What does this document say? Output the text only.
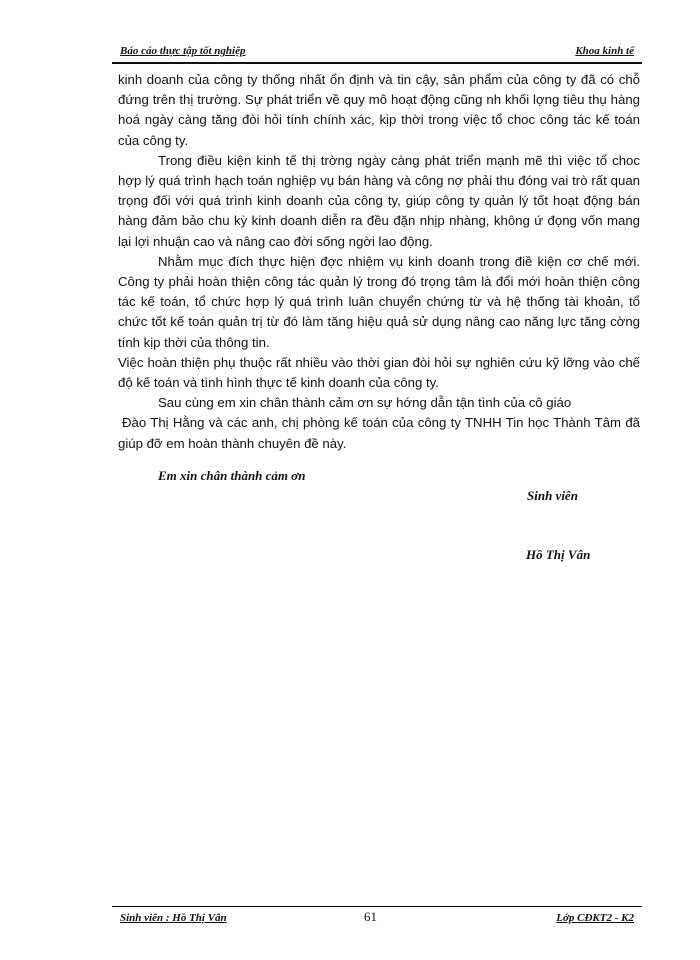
Báo cáo thực tập tốt nghiệp	Khoa kinh tế

kinh doanh của công ty thống nhất ổn định và tin cậy, sản phẩm của công ty đã có chỗ đứng trên thị trường. Sự phát triển về quy mô hoạt động cũng nh khối lợng tiêu thụ hàng hoá ngày càng tăng đòi hỏi tính chính xác, kịp thời trong việc tổ choc công tác kế toán của công ty.

Trong điều kiện kinh tế thị trờng ngày càng phát triển mạnh mẽ thì việc tổ choc hợp lý quá trình hạch toán nghiệp vụ bán hàng và công nợ phải thu đóng vai trò rất quan trọng đối với quá trình kinh doanh của công ty, giúp công ty quản lý tốt hoạt động bán hàng đảm bảo chu kỳ kinh doanh diễn ra đều đặn nhịp nhàng, không ứ đọng vốn mang lại lợi nhuận cao và nâng cao đời sống ngời lao động.

Nhằm mục đích thực hiện đợc nhiệm vụ kinh doanh trong điề kiện cơ chế mới. Công ty phải hoàn thiện công tác quản lý trong đó trọng tâm là đổi mới hoàn thiện công tác kế toán, tổ chức hợp lý quá trình luân chuyển chứng từ và hệ thống tài khoản, tổ chức tốt kế toán quản trị từ đó làm tăng hiệu quả sử dụng nâng cao năng lực tăng cờng tính kịp thời của thông tin.

Việc hoàn thiện phụ thuộc rất nhiều vào thời gian đòi hỏi sự nghiên cứu kỹ lỡng vào chế độ kế toán và tình hình thực tế kinh doanh của công ty.

Sau cùng em xin chân thành cảm ơn sự hớng dẫn tận tình của cô giáo

Đào Thị Hằng và các anh, chị phòng kế toán của công ty TNHH Tin học Thành Tâm đã giúp đỡ em hoàn thành chuyên đề này.

Em xin chân thành cảm ơn
Sinh viên
Hồ Thị Vân
Sinh viên : Hồ Thị Vân	61	Lớp CĐKT2 - K2
